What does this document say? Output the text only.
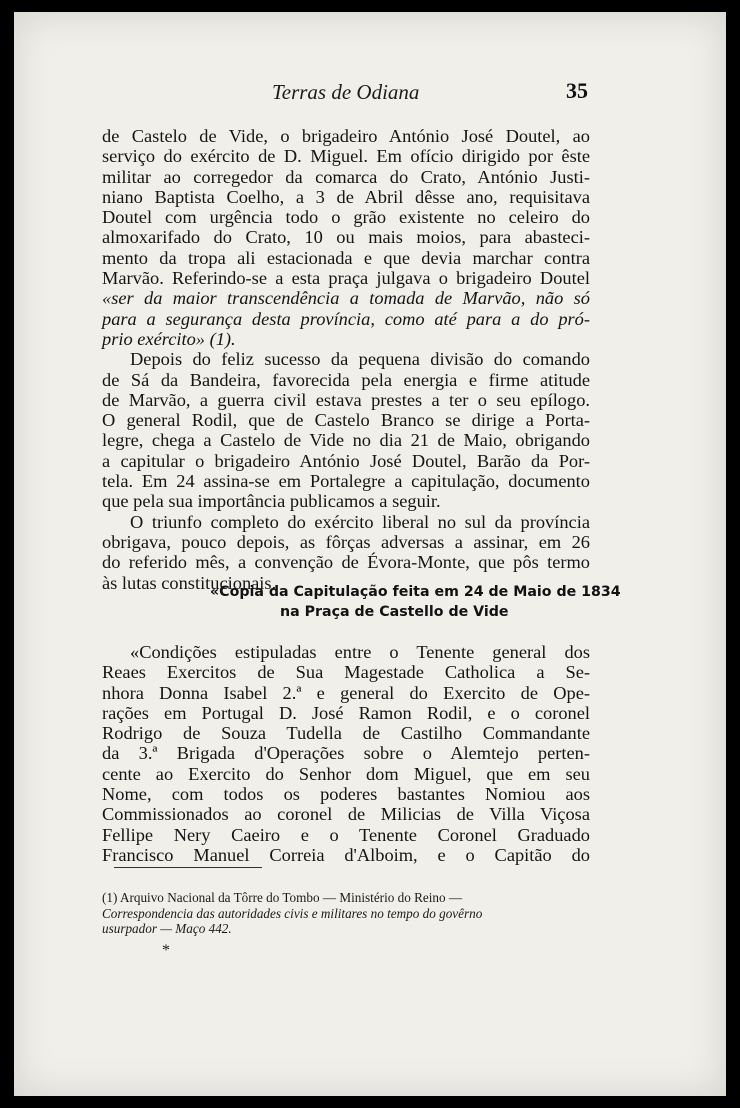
Terras de Odiana	35
de Castelo de Vide, o brigadeiro António José Doutel, ao
serviço do exército de D. Miguel. Em ofício dirigido por êste
militar ao corregedor da comarca do Crato, António Justi-
niano Baptista Coelho, a 3 de Abril dêsse ano, requisitava
Doutel com urgência todo o grão existente no celeiro do
almoxarifado do Crato, 10 ou mais moios, para abasteci-
mento da tropa ali estacionada e que devia marchar contra
Marvão. Referindo-se a esta praça julgava o brigadeiro Doutel
«ser da maior transcendência a tomada de Marvão, não só
para a segurança desta província, como até para a do pró-
prio exército» (1).
Depois do feliz sucesso da pequena divisão do comando
de Sá da Bandeira, favorecida pela energia e firme atitude
de Marvão, a guerra civil estava prestes a ter o seu epílogo.
O general Rodil, que de Castelo Branco se dirige a Porta-
legre, chega a Castelo de Vide no dia 21 de Maio, obrigando
a capitular o brigadeiro António José Doutel, Barão da Por-
tela. Em 24 assina-se em Portalegre a capitulação, documento
que pela sua importância publicamos a seguir.
O triunfo completo do exército liberal no sul da província
obrigava, pouco depois, as fôrças adversas a assinar, em 26
do referido mês, a convenção de Évora-Monte, que pôs termo
às lutas constitucionais.
«Copia da Capitulação feita em 24 de Maio de 1834
na Praça de Castello de Vide
«Condições estipuladas entre o Tenente general dos
Reaes Exercitos de Sua Magestade Catholica a Se-
nhora Donna Isabel 2.ª e general do Exercito de Ope-
rações em Portugal D. José Ramon Rodil, e o coronel
Rodrigo de Souza Tudella de Castilho Commandante
da 3.ª Brigada d'Operações sobre o Alemtejo perten-
cente ao Exercito do Senhor dom Miguel, que em seu
Nome, com todos os poderes bastantes Nomiou aos
Commissionados ao coronel de Milicias de Villa Viçosa
Fellipe Nery Caeiro e o Tenente Coronel Graduado
Francisco Manuel Correia d'Alboim, e o Capitão do
(1) Arquivo Nacional da Tôrre do Tombo — Ministério do Reino —
Correspondencia das autoridades civis e militares no tempo do govêrno
usurpador — Maço 442.
*
